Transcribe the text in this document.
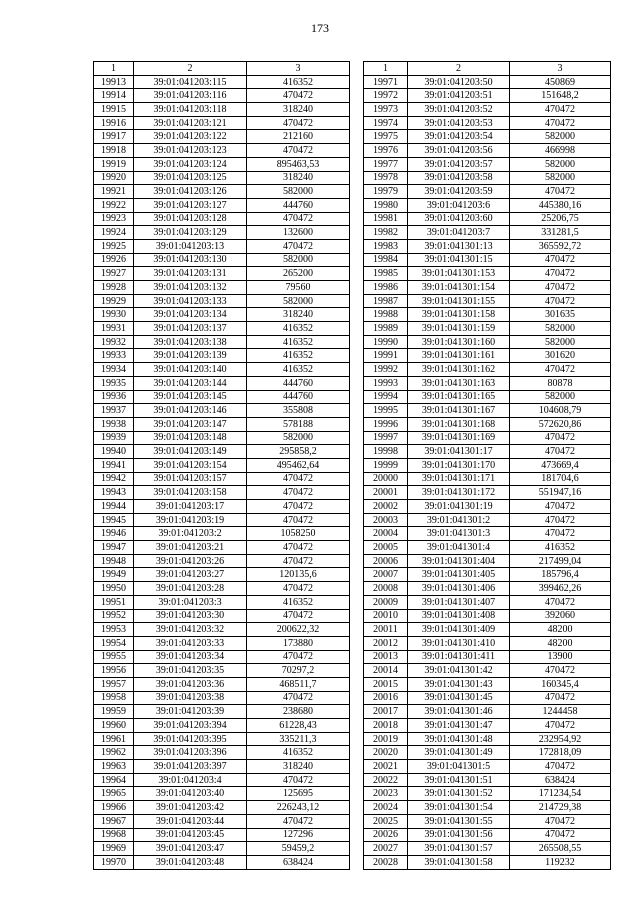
173
1	2	3
19913	39:01:041203:115	416352
19914	39:01:041203:116	470472
19915	39:01:041203:118	318240
19916	39:01:041203:121	470472
19917	39:01:041203:122	212160
19918	39:01:041203:123	470472
19919	39:01:041203:124	895463,53
19920	39:01:041203:125	318240
19921	39:01:041203:126	582000
19922	39:01:041203:127	444760
19923	39:01:041203:128	470472
19924	39:01:041203:129	132600
19925	39:01:041203:13	470472
19926	39:01:041203:130	582000
19927	39:01:041203:131	265200
19928	39:01:041203:132	79560
19929	39:01:041203:133	582000
19930	39:01:041203:134	318240
19931	39:01:041203:137	416352
19932	39:01:041203:138	416352
19933	39:01:041203:139	416352
19934	39:01:041203:140	416352
19935	39:01:041203:144	444760
19936	39:01:041203:145	444760
19937	39:01:041203:146	355808
19938	39:01:041203:147	578188
19939	39:01:041203:148	582000
19940	39:01:041203:149	295858,2
19941	39:01:041203:154	495462,64
19942	39:01:041203:157	470472
19943	39:01:041203:158	470472
19944	39:01:041203:17	470472
19945	39:01:041203:19	470472
19946	39:01:041203:2	1058250
19947	39:01:041203:21	470472
19948	39:01:041203:26	470472
19949	39:01:041203:27	120135,6
19950	39:01:041203:28	470472
19951	39:01:041203:3	416352
19952	39:01:041203:30	470472
19953	39:01:041203:32	200622,32
19954	39:01:041203:33	173880
19955	39:01:041203:34	470472
19956	39:01:041203:35	70297,2
19957	39:01:041203:36	468511,7
19958	39:01:041203:38	470472
19959	39:01:041203:39	238680
19960	39:01:041203:394	61228,43
19961	39:01:041203:395	335211,3
19962	39:01:041203:396	416352
19963	39:01:041203:397	318240
19964	39:01:041203:4	470472
19965	39:01:041203:40	125695
19966	39:01:041203:42	226243,12
19967	39:01:041203:44	470472
19968	39:01:041203:45	127296
19969	39:01:041203:47	59459,2
19970	39:01:041203:48	638424
1	2	3
19971	39:01:041203:50	450869
19972	39:01:041203:51	151648,2
19973	39:01:041203:52	470472
19974	39:01:041203:53	470472
19975	39:01:041203:54	582000
19976	39:01:041203:56	466998
19977	39:01:041203:57	582000
19978	39:01:041203:58	582000
19979	39:01:041203:59	470472
19980	39:01:041203:6	445380,16
19981	39:01:041203:60	25206,75
19982	39:01:041203:7	331281,5
19983	39:01:041301:13	365592,72
19984	39:01:041301:15	470472
19985	39:01:041301:153	470472
19986	39:01:041301:154	470472
19987	39:01:041301:155	470472
19988	39:01:041301:158	301635
19989	39:01:041301:159	582000
19990	39:01:041301:160	582000
19991	39:01:041301:161	301620
19992	39:01:041301:162	470472
19993	39:01:041301:163	80878
19994	39:01:041301:165	582000
19995	39:01:041301:167	104608,79
19996	39:01:041301:168	572620,86
19997	39:01:041301:169	470472
19998	39:01:041301:17	470472
19999	39:01:041301:170	473669,4
20000	39:01:041301:171	181704,6
20001	39:01:041301:172	551947,16
20002	39:01:041301:19	470472
20003	39:01:041301:2	470472
20004	39:01:041301:3	470472
20005	39:01:041301:4	416352
20006	39:01:041301:404	217499,04
20007	39:01:041301:405	185796,4
20008	39:01:041301:406	399462,26
20009	39:01:041301:407	470472
20010	39:01:041301:408	392060
20011	39:01:041301:409	48200
20012	39:01:041301:410	48200
20013	39:01:041301:411	13900
20014	39:01:041301:42	470472
20015	39:01:041301:43	160345,4
20016	39:01:041301:45	470472
20017	39:01:041301:46	1244458
20018	39:01:041301:47	470472
20019	39:01:041301:48	232954,92
20020	39:01:041301:49	172818,09
20021	39:01:041301:5	470472
20022	39:01:041301:51	638424
20023	39:01:041301:52	171234,54
20024	39:01:041301:54	214729,38
20025	39:01:041301:55	470472
20026	39:01:041301:56	470472
20027	39:01:041301:57	265508,55
20028	39:01:041301:58	119232
